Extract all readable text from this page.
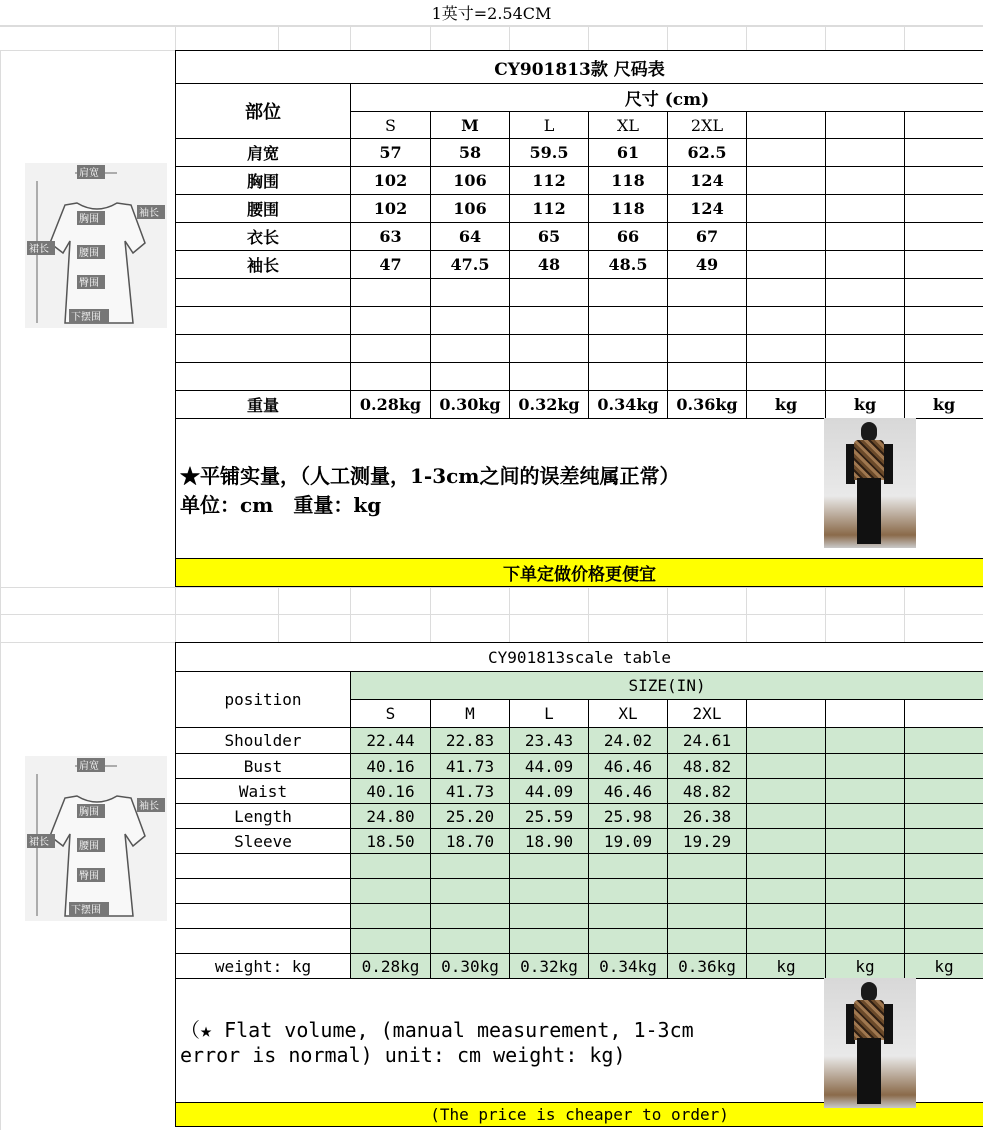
1英寸=2.54CM
肩宽
袖长
胸围
裙长	腰围
臀围
下摆围
肩宽
袖长
胸围
裙长	腰围
臀围
下摆围
CY901813款 尺码表								
部位	尺寸 (cm)							
	S	M	L	XL	2XL			
肩宽	57	58	59.5	61	62.5			
胸围	102	106	112	118	124			
腰围	102	106	112	118	124			
衣长	63	64	65	66	67			
袖长	47	47.5	48	48.5	49			

重量	0.28kg	0.30kg	0.32kg	0.34kg	0.36kg	kg	kg	kg

★平铺实量，（人工测量，1-3cm之间的误差纯属正常）
单位：cm　重量：kg								

下单定做价格更便宜								
CY901813scale table								
position	SIZE(IN)							
	S	M	L	XL	2XL			
Shoulder	22.44	22.83	23.43	24.02	24.61			
Bust	40.16	41.73	44.09	46.46	48.82			
Waist	40.16	41.73	44.09	46.46	48.82			
Length	24.80	25.20	25.59	25.98	26.38			
Sleeve	18.50	18.70	18.90	19.09	19.29			

weight: kg	0.28kg	0.30kg	0.32kg	0.34kg	0.36kg	kg	kg	kg

（★ Flat volume, (manual measurement, 1-3cm
error is normal) unit: cm weight: kg)								

(The price is cheaper to order)								
